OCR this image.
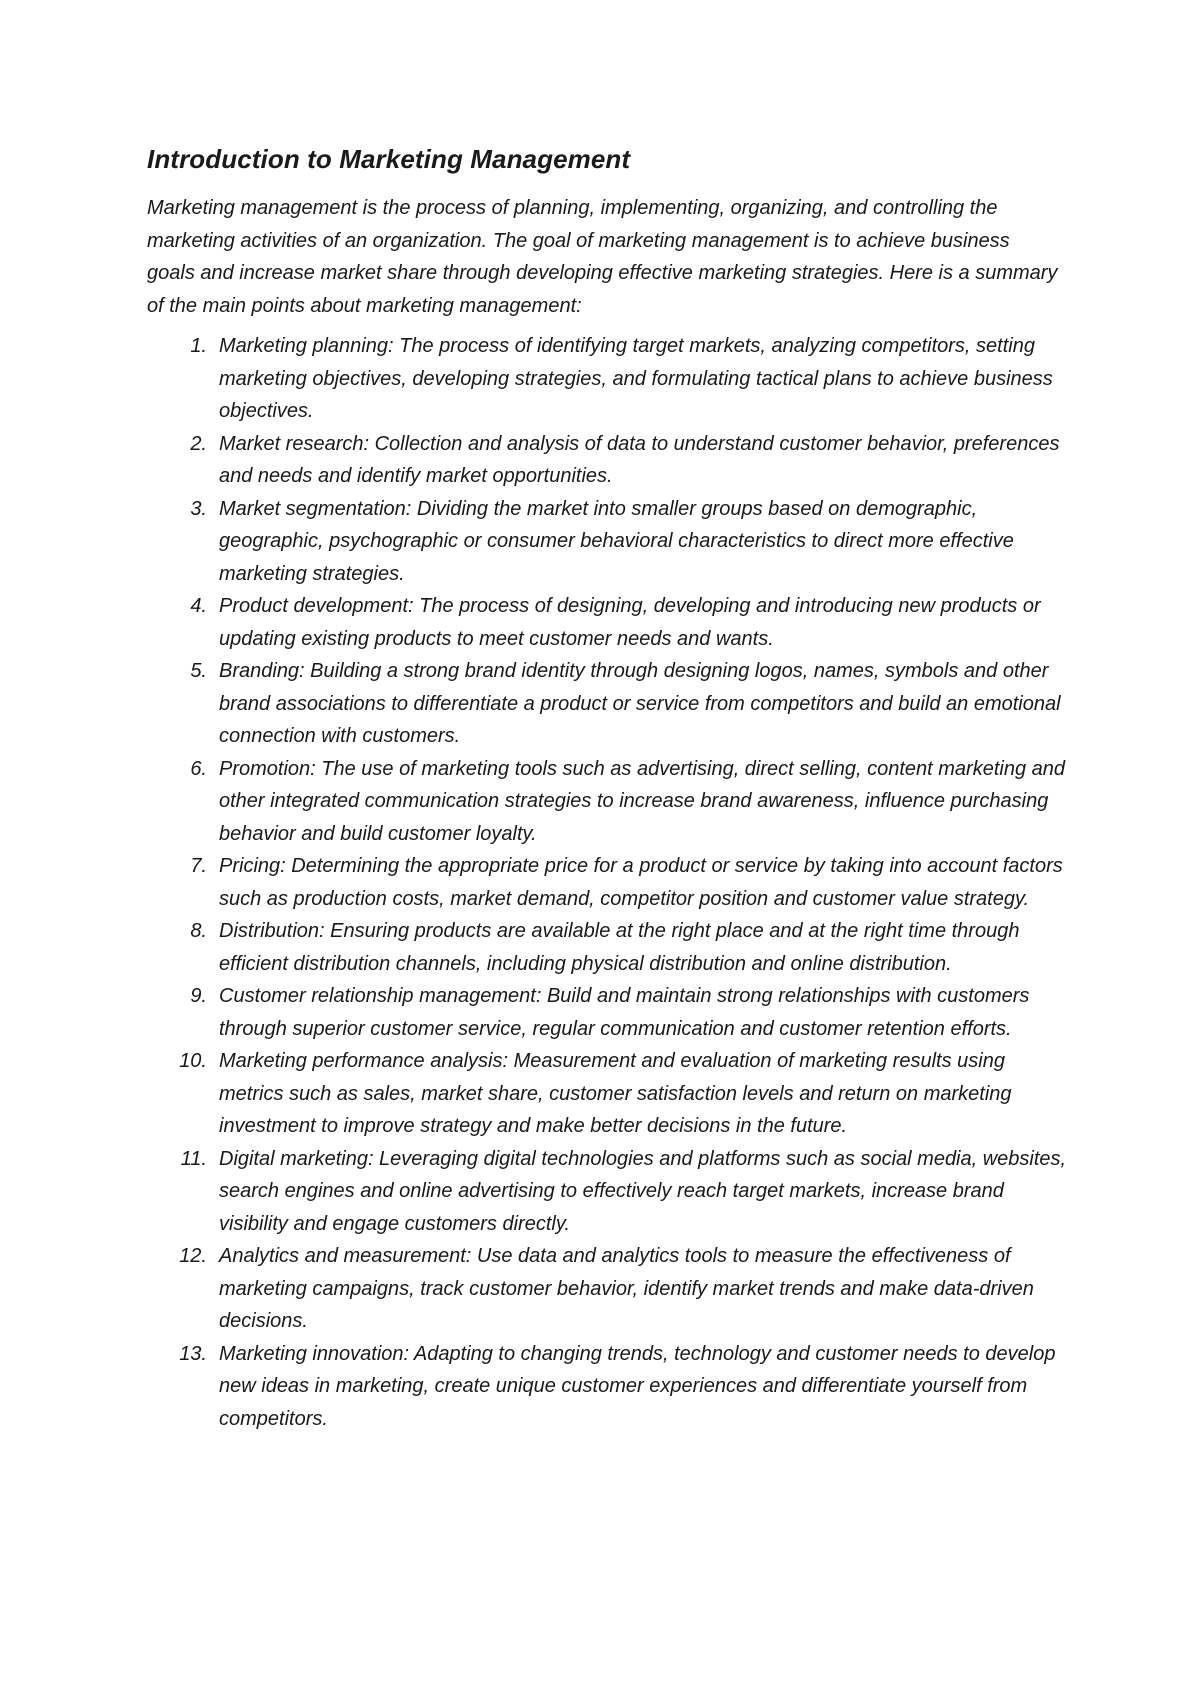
Introduction to Marketing Management

Marketing management is the process of planning, implementing, organizing, and controlling the marketing activities of an organization. The goal of marketing management is to achieve business goals and increase market share through developing effective marketing strategies. Here is a summary of the main points about marketing management:

1. Marketing planning: The process of identifying target markets, analyzing competitors, setting marketing objectives, developing strategies, and formulating tactical plans to achieve business objectives.
2. Market research: Collection and analysis of data to understand customer behavior, preferences and needs and identify market opportunities.
3. Market segmentation: Dividing the market into smaller groups based on demographic, geographic, psychographic or consumer behavioral characteristics to direct more effective marketing strategies.
4. Product development: The process of designing, developing and introducing new products or updating existing products to meet customer needs and wants.
5. Branding: Building a strong brand identity through designing logos, names, symbols and other brand associations to differentiate a product or service from competitors and build an emotional connection with customers.
6. Promotion: The use of marketing tools such as advertising, direct selling, content marketing and other integrated communication strategies to increase brand awareness, influence purchasing behavior and build customer loyalty.
7. Pricing: Determining the appropriate price for a product or service by taking into account factors such as production costs, market demand, competitor position and customer value strategy.
8. Distribution: Ensuring products are available at the right place and at the right time through efficient distribution channels, including physical distribution and online distribution.
9. Customer relationship management: Build and maintain strong relationships with customers through superior customer service, regular communication and customer retention efforts.
10. Marketing performance analysis: Measurement and evaluation of marketing results using metrics such as sales, market share, customer satisfaction levels and return on marketing investment to improve strategy and make better decisions in the future.
11. Digital marketing: Leveraging digital technologies and platforms such as social media, websites, search engines and online advertising to effectively reach target markets, increase brand visibility and engage customers directly.
12. Analytics and measurement: Use data and analytics tools to measure the effectiveness of marketing campaigns, track customer behavior, identify market trends and make data-driven decisions.
13. Marketing innovation: Adapting to changing trends, technology and customer needs to develop new ideas in marketing, create unique customer experiences and differentiate yourself from competitors.
